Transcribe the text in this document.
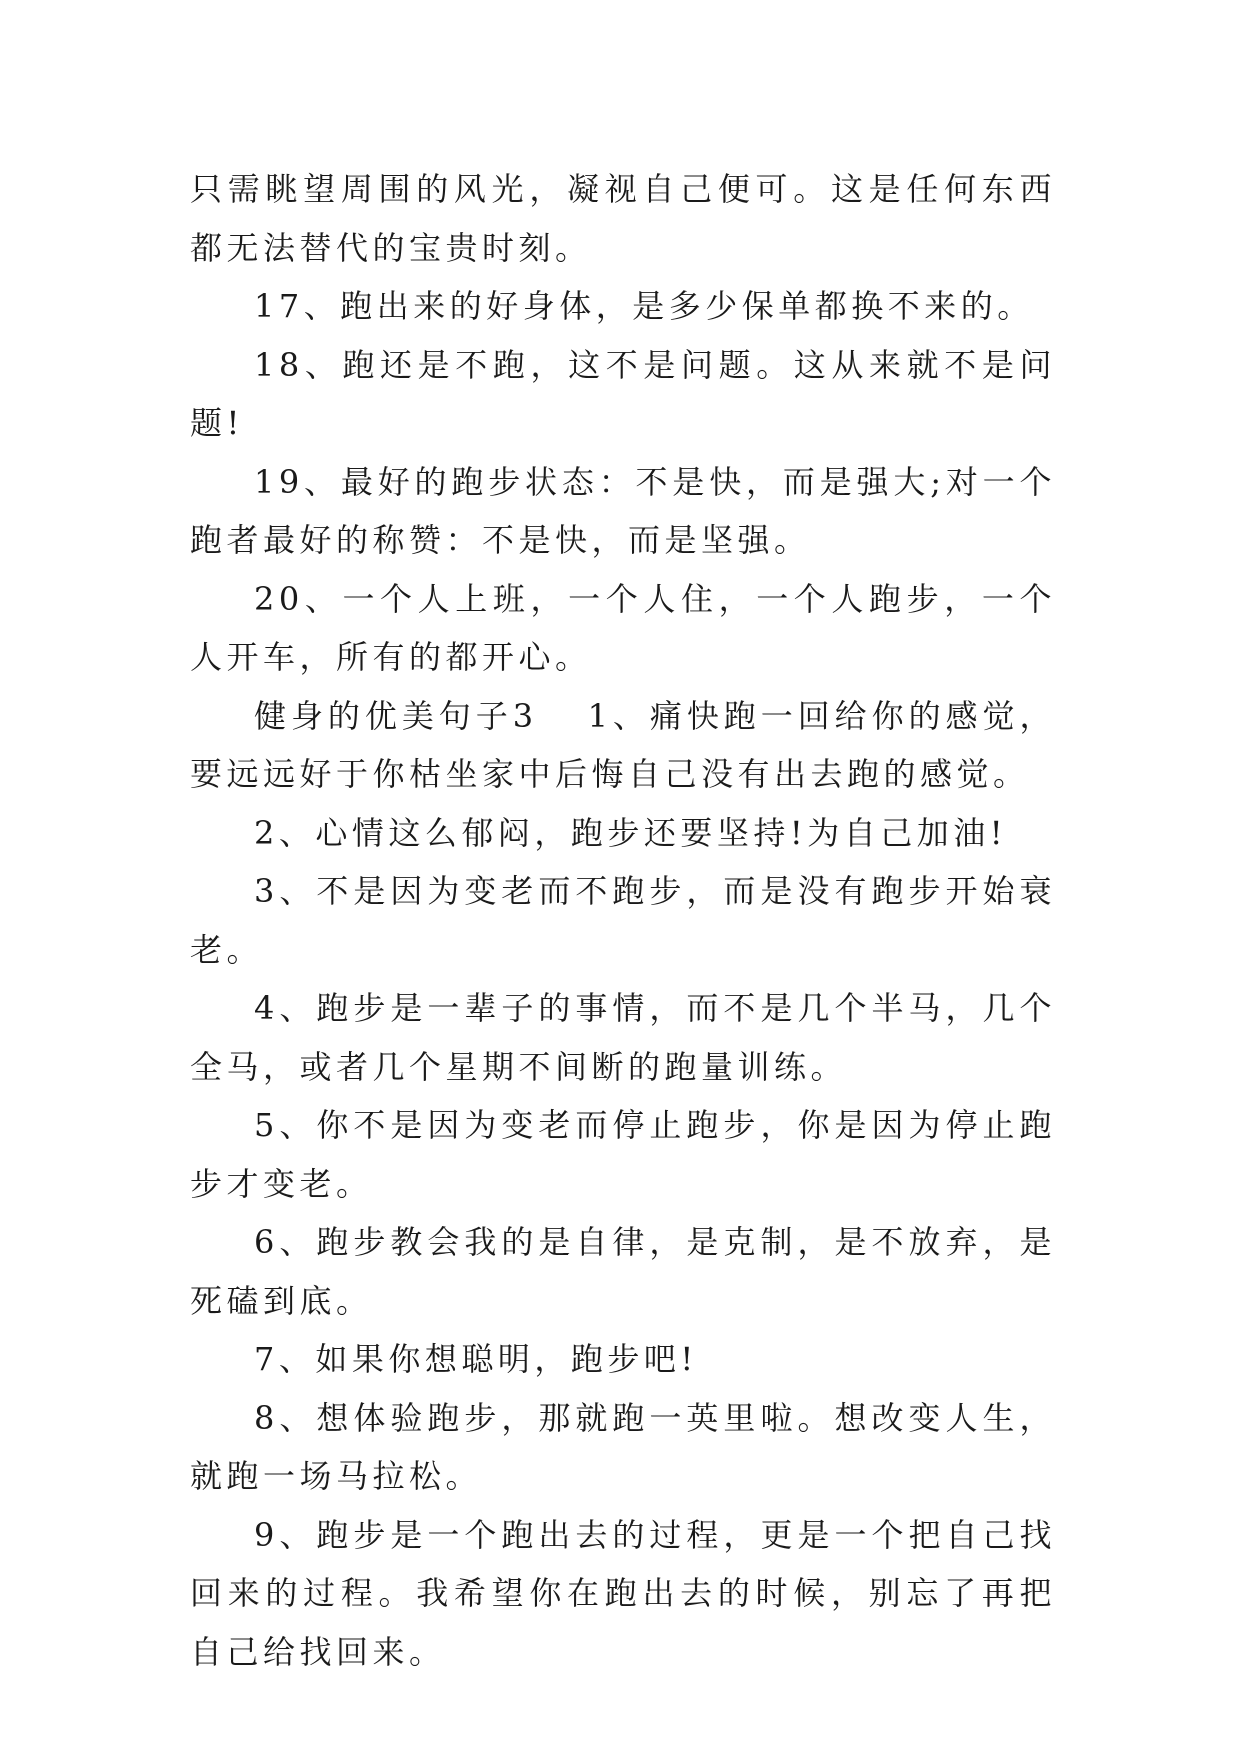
只需眺望周围的风光，凝视自己便可。这是任何东西都无法替代的宝贵时刻。

17、跑出来的好身体，是多少保单都换不来的。

18、跑还是不跑，这不是问题。这从来就不是问题!

19、最好的跑步状态：不是快，而是强大;对一个跑者最好的称赞：不是快，而是坚强。

20、一个人上班，一个人住，一个人跑步，一个人开车，所有的都开心。

健身的优美句子3 1、痛快跑一回给你的感觉，要远远好于你枯坐家中后悔自己没有出去跑的感觉。

2、心情这么郁闷，跑步还要坚持!为自己加油!

3、不是因为变老而不跑步，而是没有跑步开始衰老。

4、跑步是一辈子的事情，而不是几个半马，几个全马，或者几个星期不间断的跑量训练。

5、你不是因为变老而停止跑步，你是因为停止跑步才变老。

6、跑步教会我的是自律，是克制，是不放弃，是死磕到底。

7、如果你想聪明，跑步吧!

8、想体验跑步，那就跑一英里啦。想改变人生，就跑一场马拉松。

9、跑步是一个跑出去的过程，更是一个把自己找回来的过程。我希望你在跑出去的时候，别忘了再把自己给找回来。
